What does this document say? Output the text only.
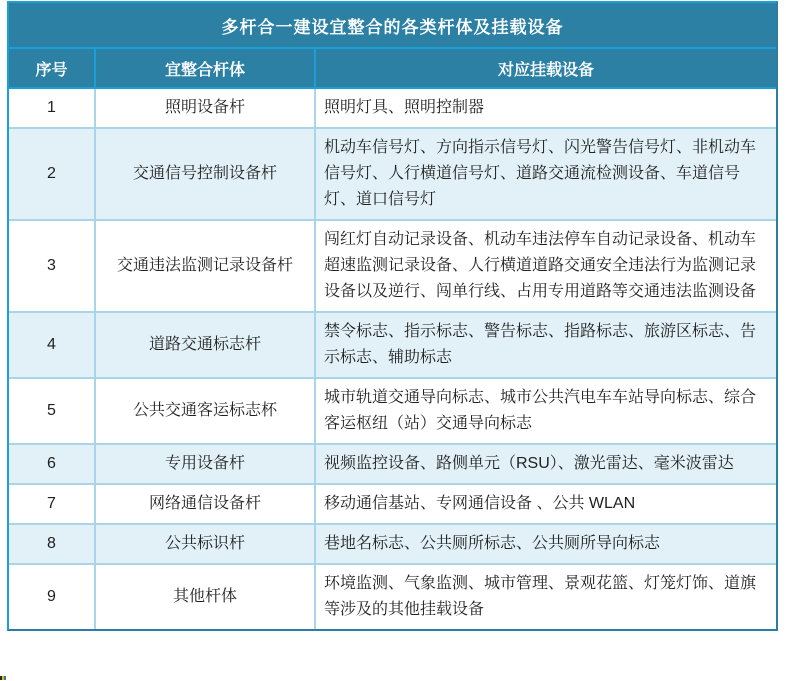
多杆合一建设宜整合的各类杆体及挂载设备		
序号	宜整合杆体	对应挂载设备
1	照明设备杆	照明灯具、照明控制器
2	交通信号控制设备杆	机动车信号灯、方向指示信号灯、闪光警告信号灯、非机动车信号灯、人行横道信号灯、道路交通流检测设备、车道信号灯、道口信号灯
3	交通违法监测记录设备杆	闯红灯自动记录设备、机动车违法停车自动记录设备、机动车超速监测记录设备、人行横道道路交通安全违法行为监测记录设备以及逆行、闯单行线、占用专用道路等交通违法监测设备
4	道路交通标志杆	禁令标志、指示标志、警告标志、指路标志、旅游区标志、告示标志、辅助标志
5	公共交通客运标志杯	城市轨道交通导向标志、城市公共汽电车车站导向标志、综合客运枢纽（站）交通导向标志
6	专用设备杆	视频监控设备、路侧单元（RSU）、激光雷达、毫米波雷达
7	网络通信设备杆	移动通信基站、专网通信设备 、公共 WLAN
8	公共标识杆	巷地名标志、公共厕所标志、公共厕所导向标志
9	其他杆体	环境监测、气象监测、城市管理、景观花篮、灯笼灯饰、道旗等涉及的其他挂载设备
